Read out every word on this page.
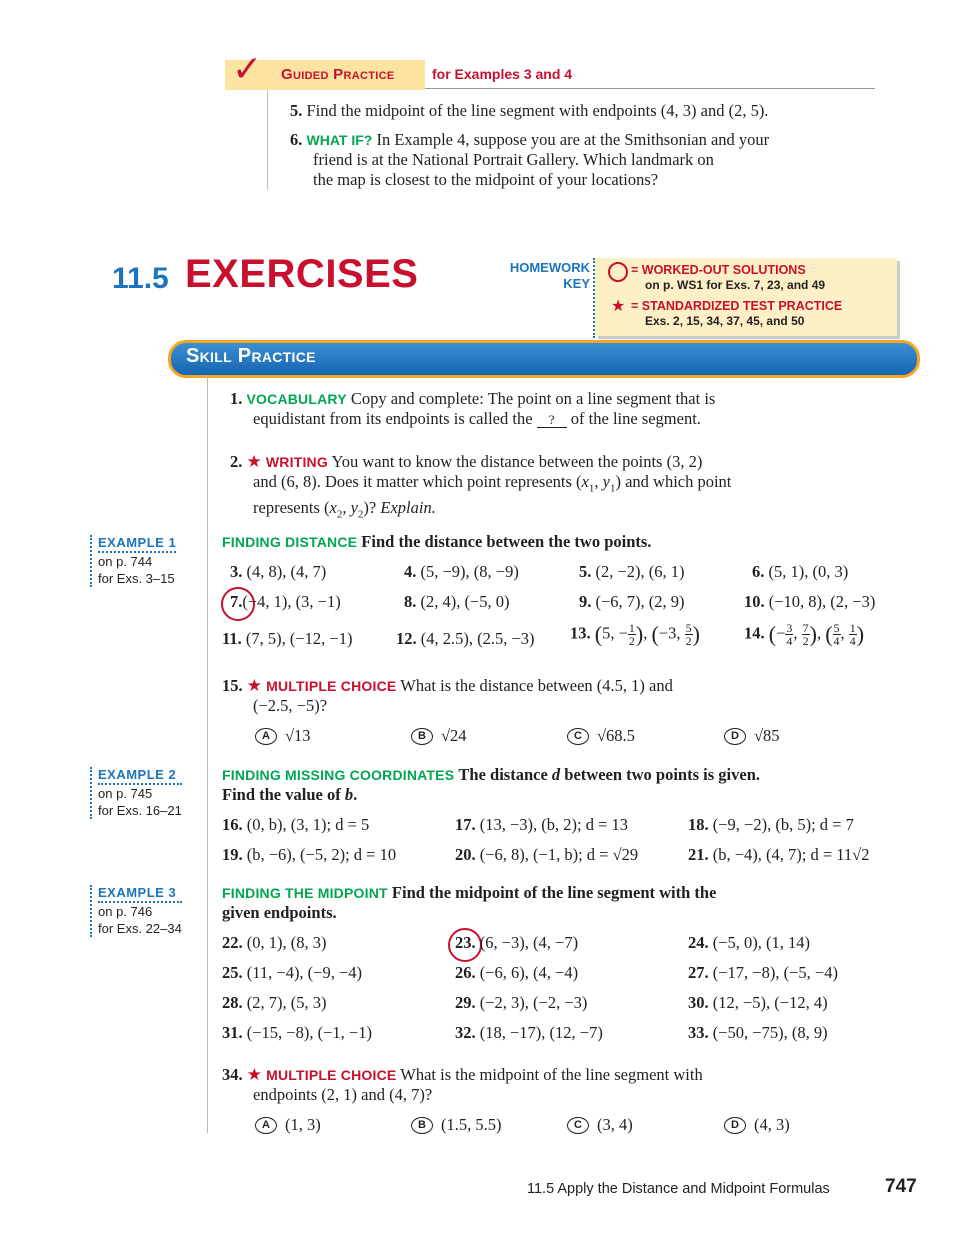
✓ Guided Practice	for Examples 3 and 4
5. Find the midpoint of the line segment with endpoints (4, 3) and (2, 5).
6. WHAT IF? In Example 4, suppose you are at the Smithsonian and your
friend is at the National Portrait Gallery. Which landmark on
the map is closest to the midpoint of your locations?
11.5 EXERCISES	HOMEWORK
KEY
★
= WORKED-OUT SOLUTIONS
on p. WS1 for Exs. 7, 23, and 49
= STANDARDIZED TEST PRACTICE
Exs. 2, 15, 34, 37, 45, and 50
Skill Practice
1. VOCABULARY Copy and complete: The point on a line segment that is
equidistant from its endpoints is called the ? of the line segment.
2. ★ WRITING You want to know the distance between the points (3, 2)
and (6, 8). Does it matter which point represents ($x_1$, $y_1$) and which point
represents ($x_2$, $y_2$)? Explain.
EXAMPLE 1
on p. 744
for Exs. 3–15
FINDING DISTANCE Find the distance between the two points.
3. (4, 8), (4, 7)	4. (5, −9), (8, −9)	5. (2, −2), (6, 1)	6. (5, 1), (0, 3)
7.(−4, 1), (3, −1)	8. (2, 4), (−5, 0)	9. (−6, 7), (2, 9)	10. (−10, 8), (2, −3)
11. (7, 5), (−12, −1)	12. (4, 2.5), (2.5, −3) 13. (5, − $\frac{1}{2}$ ), (−3, $\frac{5}{2}$ )	14. (− $\frac{3}{4}$ , $\frac{7}{2}$ ), ( $\frac{5}{4}$ , $\frac{1}{4}$ )
15. ★ MULTIPLE CHOICE What is the distance between (4.5, 1) and
(−2.5, −5)?
A √13	B √24	C √68.5	D √85
EXAMPLE 2
on p. 745
for Exs. 16–21
FINDING MISSING COORDINATES The distance d between two points is given.
Find the value of b.
16. (0, b), (3, 1); d = 5	17. (13, −3), (b, 2); d = 13	18. (−9, −2), (b, 5); d = 7
19. (b, −6), (−5, 2); d = 10	20. (−6, 8), (−1, b); d = √29	21. (b, −4), (4, 7); d = 11√2
EXAMPLE 3
on p. 746
for Exs. 22–34
FINDING THE MIDPOINT Find the midpoint of the line segment with the
given endpoints.
22. (0, 1), (8, 3)	23. (6, −3), (4, −7)	24. (−5, 0), (1, 14)
25. (11, −4), (−9, −4)	26. (−6, 6), (4, −4)	27. (−17, −8), (−5, −4)
28. (2, 7), (5, 3)	29. (−2, 3), (−2, −3)	30. (12, −5), (−12, 4)
31. (−15, −8), (−1, −1)	32. (18, −17), (12, −7)	33. (−50, −75), (8, 9)
34. ★ MULTIPLE CHOICE What is the midpoint of the line segment with
endpoints (2, 1) and (4, 7)?
A (1, 3)	B (1.5, 5.5)	C (3, 4)	D (4, 3)
11.5 Apply the Distance and Midpoint Formulas	747
